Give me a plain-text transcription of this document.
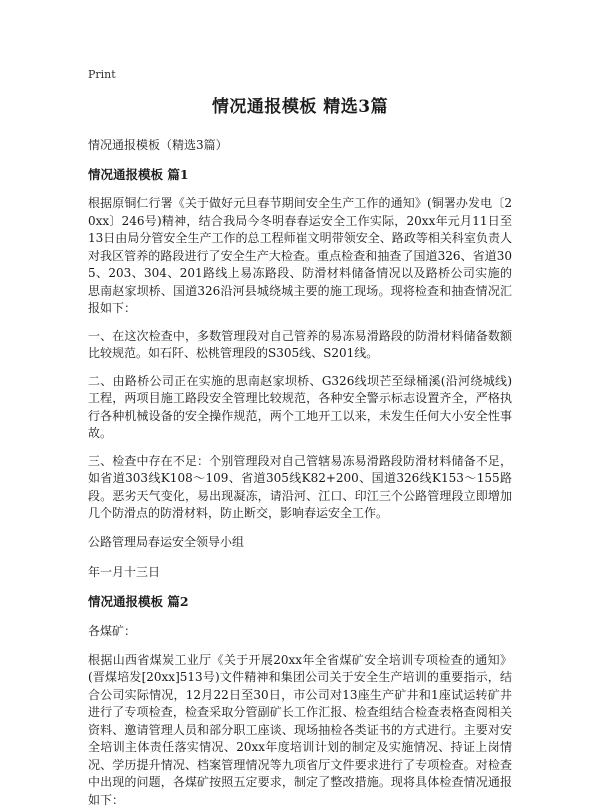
Print
情况通报模板 精选3篇
情况通报模板（精选3篇）
情况通报模板 篇1
根据原铜仁行署《关于做好元旦春节期间安全生产工作的通知》(铜署办发电〔20xx〕246号)精神，结合我局今冬明春春运安全工作实际，20xx年元月11日至13日由局分管安全生产工作的总工程师崔文明带领安全、路政等相关科室负责人对我区管养的路段进行了安全生产大检查。重点检查和抽查了国道326、省道305、203、304、201路线上易冻路段、防滑材料储备情况以及路桥公司实施的思南赵家坝桥、国道326沿河县城绕城主要的施工现场。现将检查和抽查情况汇报如下：
一、在这次检查中，多数管理段对自己管养的易冻易滑路段的防滑材料储备数额比较规范。如石阡、松桃管理段的S305线、S201线。
二、由路桥公司正在实施的思南赵家坝桥、G326线坝芒至绿桶溪(沿河绕城线)工程，两项目施工路段安全管理比较规范，各种安全警示标志设置齐全，严格执行各种机械设备的安全操作规范，两个工地开工以来，未发生任何大小安全性事故。
三、检查中存在不足：个别管理段对自己管辖易冻易滑路段防滑材料储备不足，如省道303线K108～109、省道305线K82+200、国道326线K153～155路段。恶劣天气变化，易出现凝冻，请沿河、江口、印江三个公路管理段立即增加几个防滑点的防滑材料，防止断交，影响春运安全工作。
公路管理局春运安全领导小组
年一月十三日
情况通报模板 篇2
各煤矿：
根据山西省煤炭工业厅《关于开展20xx年全省煤矿安全培训专项检查的通知》(晋煤培发[20xx]513号)文件精神和集团公司关于安全生产培训的重要指示，结合公司实际情况，12月22日至30日，市公司对13座生产矿井和1座试运转矿井进行了专项检查，检查采取分管副矿长工作汇报、检查组结合检查表格查阅相关资料、邀请管理人员和部分职工座谈、现场抽检各类证书的方式进行。主要对安全培训主体责任落实情况、20xx年度培训计划的制定及实施情况、持证上岗情况、学历提升情况、档案管理情况等九项省厅文件要求进行了专项检查。对检查中出现的问题，各煤矿按照五定要求，制定了整改措施。现将具体检查情况通报如下：
